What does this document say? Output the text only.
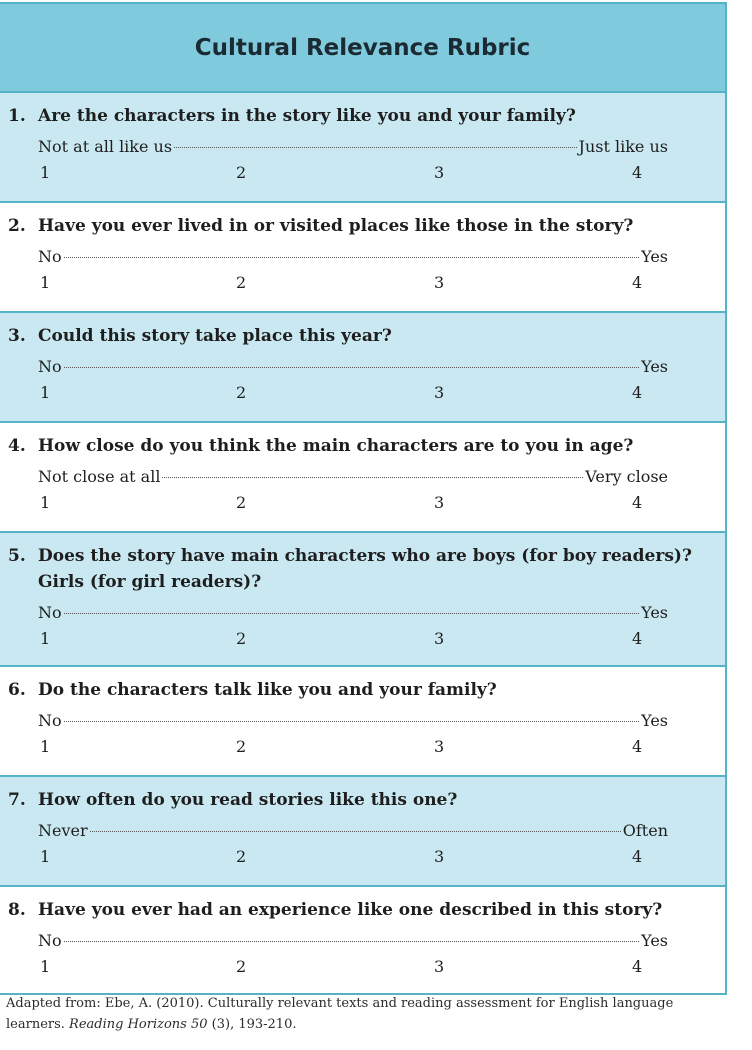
Cultural Relevance Rubric
1. Are the characters in the story like you and your family?
Not at all like us	Just like us
1	2	3	4
2. Have you ever lived in or visited places like those in the story?
No	Yes
1	2	3	4
3. Could this story take place this year?
No	Yes
1	2	3	4
4. How close do you think the main characters are to you in age?
Not close at all	Very close
1	2	3	4
5. Does the story have main characters who are boys (for boy readers)?
Girls (for girl readers)?
No	Yes
1	2	3	4
6. Do the characters talk like you and your family?
No	Yes
1	2	3	4
7. How often do you read stories like this one?
Never	Often
1	2	3	4
8. Have you ever had an experience like one described in this story?
No	Yes
1	2	3	4
Adapted from: Ebe, A. (2010). Culturally relevant texts and reading assessment for English language learners. Reading Horizons 50 (3), 193-210.
